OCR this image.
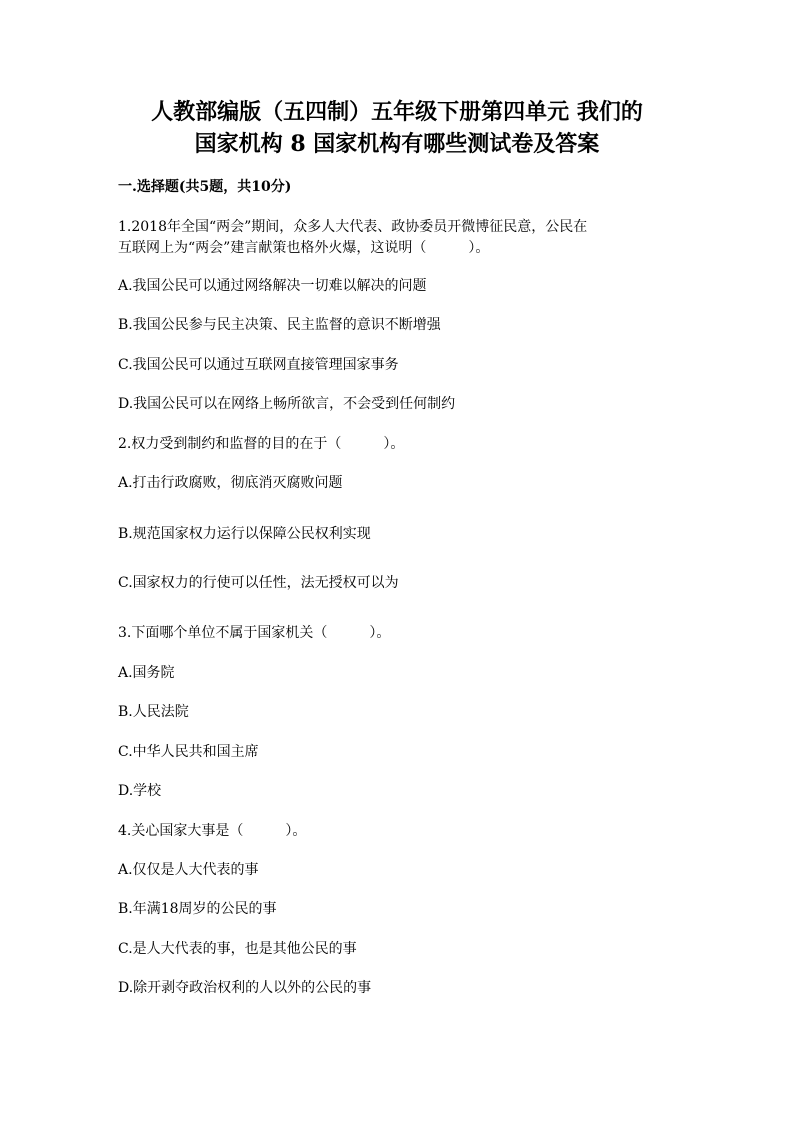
人教部编版（五四制）五年级下册第四单元 我们的
国家机构 8 国家机构有哪些测试卷及答案

一.选择题(共5题，共10分)

1.2018年全国“两会”期间，众多人大代表、政协委员开微博征民意，公民在

互联网上为“两会”建言献策也格外火爆，这说明（　　　）。

A.我国公民可以通过网络解决一切难以解决的问题

B.我国公民参与民主决策、民主监督的意识不断增强

C.我国公民可以通过互联网直接管理国家事务

D.我国公民可以在网络上畅所欲言，不会受到任何制约

2.权力受到制约和监督的目的在于（　　　）。

A.打击行政腐败，彻底消灭腐败问题

B.规范国家权力运行以保障公民权利实现

C.国家权力的行使可以任性，法无授权可以为

3.下面哪个单位不属于国家机关（　　　）。

A.国务院

B.人民法院

C.中华人民共和国主席

D.学校

4.关心国家大事是（　　　）。

A.仅仅是人大代表的事

B.年满18周岁的公民的事

C.是人大代表的事，也是其他公民的事

D.除开剥夺政治权利的人以外的公民的事
